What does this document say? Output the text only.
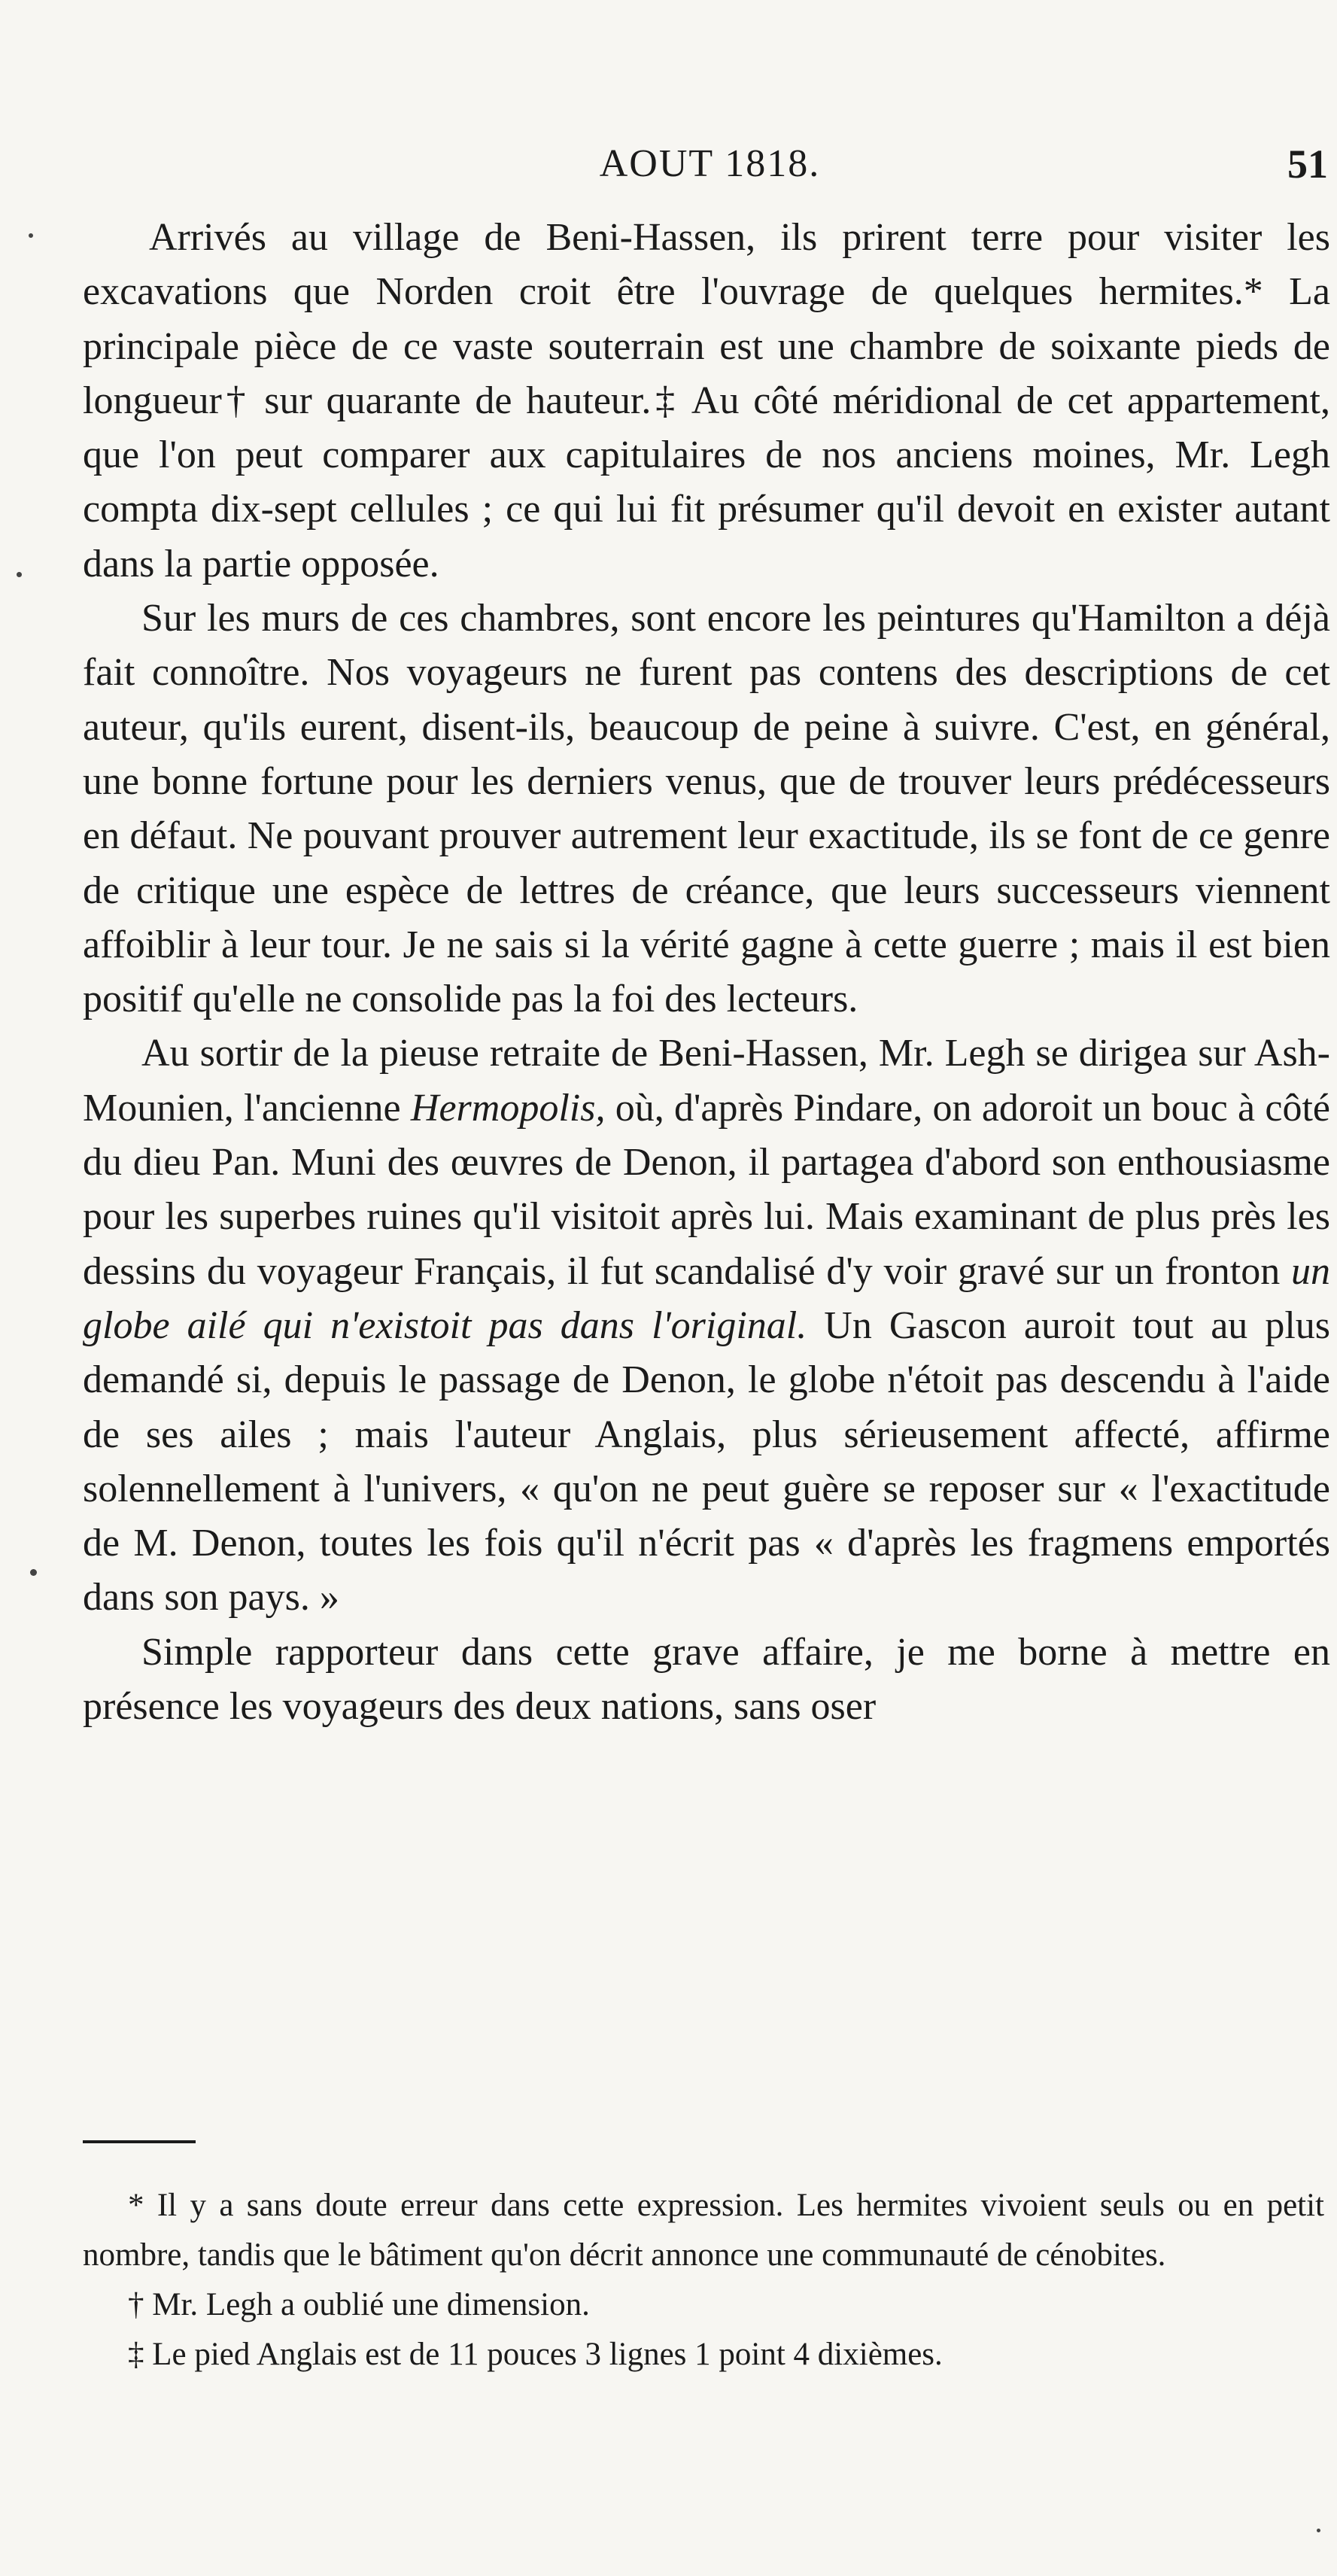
AOUT 1818.	51

Arrivés au village de Beni-Hassen, ils prirent terre pour visiter les excavations que Norden croit être l'ouvrage de quelques hermites.* La principale pièce de ce vaste souterrain est une chambre de soixante pieds de longueur† sur quarante de hauteur.‡ Au côté méridional de cet appartement, que l'on peut comparer aux capitulaires de nos anciens moines, Mr. Legh compta dix-sept cellules ; ce qui lui fit présumer qu'il devoit en exister autant dans la partie opposée.

Sur les murs de ces chambres, sont encore les peintures qu'Hamilton a déjà fait connoître. Nos voyageurs ne furent pas contens des descriptions de cet auteur, qu'ils eurent, disent-ils, beaucoup de peine à suivre. C'est, en général, une bonne fortune pour les derniers venus, que de trouver leurs prédécesseurs en défaut. Ne pouvant prouver autrement leur exactitude, ils se font de ce genre de critique une espèce de lettres de créance, que leurs successeurs viennent affoiblir à leur tour. Je ne sais si la vérité gagne à cette guerre ; mais il est bien positif qu'elle ne consolide pas la foi des lecteurs.

Au sortir de la pieuse retraite de Beni-Hassen, Mr. Legh se dirigea sur Ash-Mounien, l'ancienne Hermopolis, où, d'après Pindare, on adoroit un bouc à côté du dieu Pan. Muni des œuvres de Denon, il partagea d'abord son enthousiasme pour les superbes ruines qu'il visitoit après lui. Mais examinant de plus près les dessins du voyageur Français, il fut scandalisé d'y voir gravé sur un fronton un globe ailé qui n'existoit pas dans l'original. Un Gascon auroit tout au plus demandé si, depuis le passage de Denon, le globe n'étoit pas descendu à l'aide de ses ailes ; mais l'auteur Anglais, plus sérieusement affecté, affirme solennellement à l'univers, « qu'on ne peut guère se reposer sur « l'exactitude de M. Denon, toutes les fois qu'il n'écrit pas « d'après les fragmens emportés dans son pays. »

Simple rapporteur dans cette grave affaire, je me borne à mettre en présence les voyageurs des deux nations, sans oser

* Il y a sans doute erreur dans cette expression. Les hermites vivoient seuls ou en petit nombre, tandis que le bâtiment qu'on décrit annonce une communauté de cénobites.

† Mr. Legh a oublié une dimension.

‡ Le pied Anglais est de 11 pouces 3 lignes 1 point 4 dixièmes.
